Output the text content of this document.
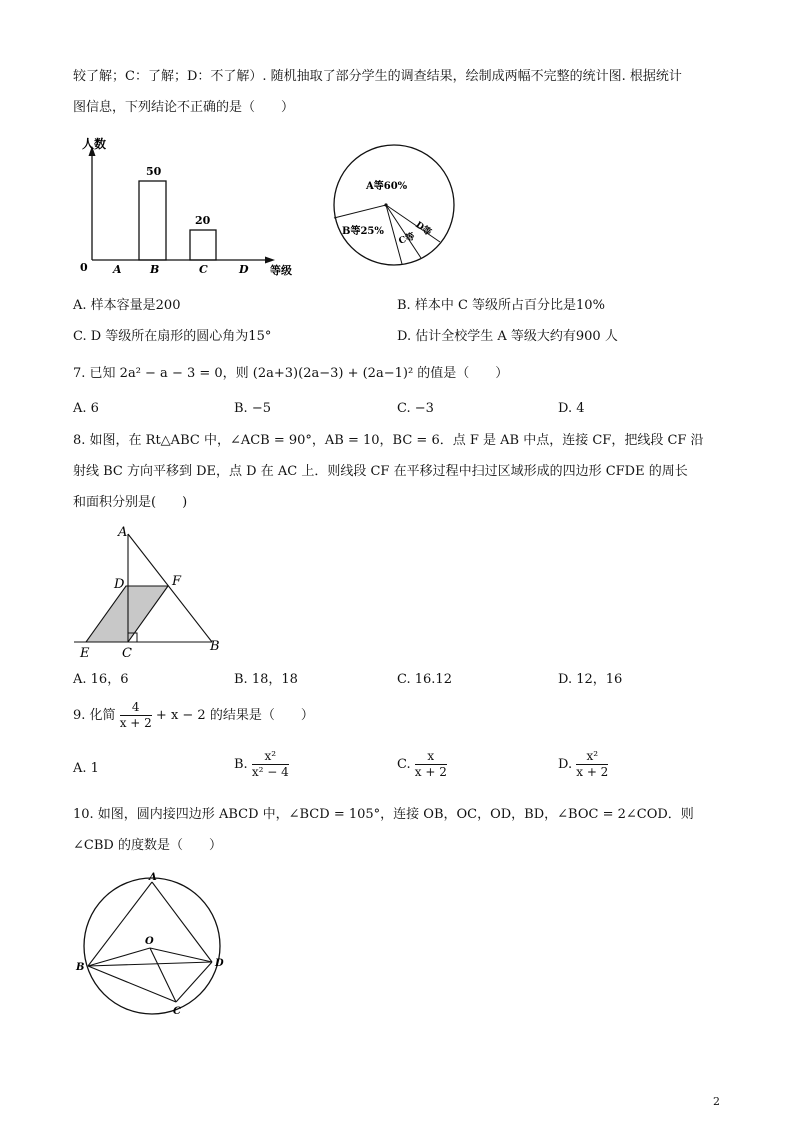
较了解；C：了解；D：不了解）. 随机抽取了部分学生的调查结果，绘制成两幅不完整的统计图. 根据统计
图信息，下列结论不正确的是（　　）
人数
0
50
20
A	B	C	D 等级
A等60%
B等25%
C等
D等
A. 样本容量是200	B. 样本中 C 等级所占百分比是10%
C. D 等级所在扇形的圆心角为15°	D. 估计全校学生 A 等级大约有900 人
7. 已知 2a² − a − 3 = 0，则 (2a+3)(2a−3) + (2a−1)² 的值是（　　）
A. 6	B. −5	C. −3	D. 4
8. 如图，在 Rt△ABC 中，∠ACB = 90°，AB = 10，BC = 6．点 F 是 AB 中点，连接 CF，把线段 CF 沿
射线 BC 方向平移到 DE，点 D 在 AC 上．则线段 CF 在平移过程中扫过区域形成的四边形 CFDE 的周长
和面积分别是(　　)
A
D	F
E	C	B
A. 16，6	B. 18，18	C. 16.12	D. 12，16
9. 化简 $\frac{4}{x + 2} + x - 2$ 的结果是（　　）
A. 1	B. $\frac{\text{x²}}{\text{x² − 4}}$	C. $\frac{x}{x + 2}$	D. $\frac{\text{x²}}{x + 2}$
10. 如图，圆内接四边形 ABCD 中，∠BCD = 105°，连接 OB，OC，OD，BD，∠BOC = 2∠COD．则
∠CBD 的度数是（　　）
A
O
B	D
C
2
